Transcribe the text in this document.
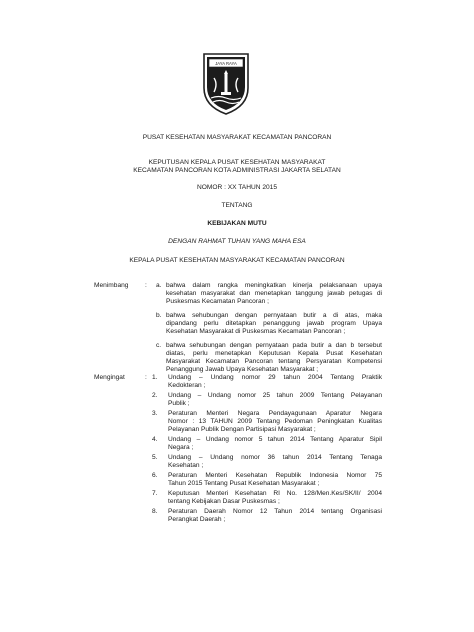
JAYA RAYA
PUSAT KESEHATAN MASYARAKAT KECAMATAN PANCORAN
KEPUTUSAN KEPALA PUSAT KESEHATAN MASYARAKAT
KECAMATAN PANCORAN KOTA ADMINISTRASI JAKARTA SELATAN
NOMOR : XX TAHUN 2015
TENTANG
KEBIJAKAN MUTU
DENGAN RAHMAT TUHAN YANG MAHA ESA
KEPALA PUSAT KESEHATAN MASYARAKAT KECAMATAN PANCORAN
Menimbang	: a. bahwa dalam rangka meningkatkan kinerja pelaksanaan upaya
kesehatan masyarakat dan menetapkan tanggung jawab petugas di
Puskesmas Kecamatan Pancoran ;
b. bahwa sehubungan dengan pernyataan butir a di atas, maka
dipandang perlu ditetapkan penanggung jawab program Upaya
Kesehatan Masyarakat di Puskesmas Kecamatan Pancoran ;
c. bahwa sehubungan dengan pernyataan pada butir a dan b tersebut
diatas, perlu menetapkan Keputusan Kepala Pusat Kesehatan
Masyarakat Kecamatan Pancoran tentang Persyaratan Kompetensi
Penanggung Jawab Upaya Kesehatan Masyarakat ;
Mengingat	: 1.	Undang – Undang nomor 29 tahun 2004 Tentang Praktik
Kedokteran ;
2.	Undang – Undang nomor 25 tahun 2009 Tentang Pelayanan
Publik ;
3.	Peraturan Menteri Negara Pendayagunaan Aparatur Negara
Nomor : 13 TAHUN 2009 Tentang Pedoman Peningkatan Kualitas
Pelayanan Publik Dengan Partisipasi Masyarakat ;
4.	Undang – Undang nomor 5 tahun 2014 Tentang Aparatur Sipil
Negara ;
5.	Undang – Undang nomor 36 tahun 2014 Tentang Tenaga
Kesehatan ;
6.	Peraturan Menteri Kesehatan Republik Indonesia Nomor 75
Tahun 2015 Tentang Pusat Kesehatan Masyarakat ;
7.	Keputusan Menteri Kesehatan RI No. 128/Men.Kes/SK/II/ 2004
tentang Kebijakan Dasar Puskesmas ;
8.	Peraturan Daerah Nomor 12 Tahun 2014 tentang Organisasi
Perangkat Daerah ;
